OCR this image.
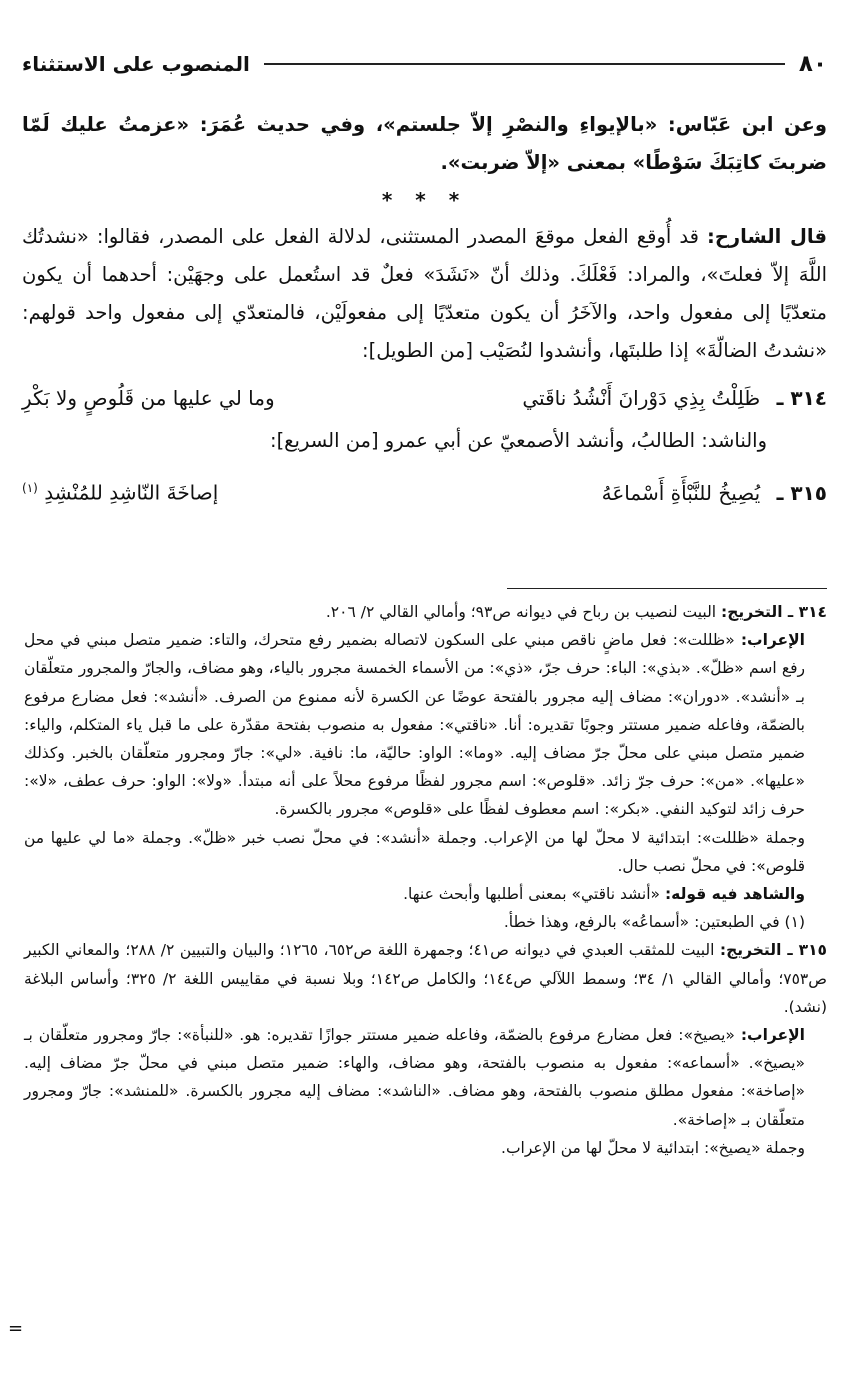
٨٠
المنصوب على الاستثناء

وعن ابن عَبّاس: «بالإيواءِ والنصْرِ إلاّ جلستم»، وفي حديث عُمَرَ: «عزمتُ عليك لَمّا ضربتَ كاتِبَكَ سَوْطًا» بمعنى «إلاّ ضربت».

* * *

قال الشارح: قد أُوقع الفعل موقعَ المصدر المستثنى، لدلالة الفعل على المصدر، فقالوا: «نشدتُك اللَّهَ إلاّ فعلتَ»، والمراد: فَعْلَكَ. وذلك أنّ «نَشَدَ» فعلٌ قد استُعمل على وجهَيْن: أحدهما أن يكون متعدّيًا إلى مفعول واحد، والآخَرُ أن يكون متعدّيًا إلى مفعولَيْن، فالمتعدّي إلى مفعول واحد قولهم: «نشدتُ الضالّةَ» إذا طلبتَها، وأنشدوا لنُصَيْب [من الطويل]:

٣١٤ ـ ظَلِلْتُ بِذِي دَوْرانَ أَنْشُدُ ناقَتي
وما لي عليها من قَلُوصٍ ولا بَكْرِ

والناشد: الطالبُ، وأنشد الأصمعيّ عن أبي عمرو [من السريع]:

٣١٥ ـ يُصِيخُ للنَّبْأَةِ أَسْماعَهُ
إصاخَةَ النّاشِدِ للمُنْشِدِ $^{(١)}$

٣١٤ ـ التخريج: البيت لنصيب بن رباح في ديوانه ص٩٣؛ وأمالي القالي ٢/ ٢٠٦.

الإعراب: «ظللت»: فعل ماضٍ ناقص مبني على السكون لاتصاله بضمير رفع متحرك، والتاء: ضمير متصل مبني في محل رفع اسم «ظلّ». «بذي»: الباء: حرف جرّ، «ذي»: من الأسماء الخمسة مجرور بالياء، وهو مضاف، والجارّ والمجرور متعلّقان بـ «أنشد». «دوران»: مضاف إليه مجرور بالفتحة عوضًا عن الكسرة لأنه ممنوع من الصرف. «أنشد»: فعل مضارع مرفوع بالضمّة، وفاعله ضمير مستتر وجوبًا تقديره: أنا. «ناقتي»: مفعول به منصوب بفتحة مقدّرة على ما قبل ياء المتكلم، والياء: ضمير متصل مبني على محلّ جرّ مضاف إليه. «وما»: الواو: حاليّة، ما: نافية. «لي»: جارّ ومجرور متعلّقان بالخبر. وكذلك «عليها». «من»: حرف جرّ زائد. «قلوص»: اسم مجرور لفظًا مرفوع محلاً على أنه مبتدأ. «ولا»: الواو: حرف عطف، «لا»: حرف زائد لتوكيد النفي. «بكر»: اسم معطوف لفظًا على «قلوص» مجرور بالكسرة.

وجملة «ظللت»: ابتدائية لا محلّ لها من الإعراب. وجملة «أنشد»: في محلّ نصب خبر «ظلّ». وجملة «ما لي عليها من قلوص»: في محلّ نصب حال.

والشاهد فيه قوله: «أنشد ناقتي» بمعنى أطلبها وأبحث عنها.

(١) في الطبعتين: «أسماعُه» بالرفع، وهذا خطأ.

٣١٥ ـ التخريج: البيت للمثقب العبدي في ديوانه ص٤١؛ وجمهرة اللغة ص٦٥٢، ١٢٦٥؛ والبيان والتبيين ٢/ ٢٨٨؛ والمعاني الكبير ص٧٥٣؛ وأمالي القالي ١/ ٣٤؛ وسمط اللآلي ص١٤٤؛ والكامل ص١٤٢؛ وبلا نسبة في مقاييس اللغة ٢/ ٣٢٥؛ وأساس البلاغة (نشد).

الإعراب: «يصيخ»: فعل مضارع مرفوع بالضمّة، وفاعله ضمير مستتر جوازًا تقديره: هو. «للنبأة»: جارّ ومجرور متعلّقان بـ «يصيخ». «أسماعه»: مفعول به منصوب بالفتحة، وهو مضاف، والهاء: ضمير متصل مبني في محلّ جرّ مضاف إليه. «إصاخة»: مفعول مطلق منصوب بالفتحة، وهو مضاف. «الناشد»: مضاف إليه مجرور بالكسرة. «للمنشد»: جارّ ومجرور متعلّقان بـ «إصاخة».

وجملة «يصيخ»: ابتدائية لا محلّ لها من الإعراب.

=
